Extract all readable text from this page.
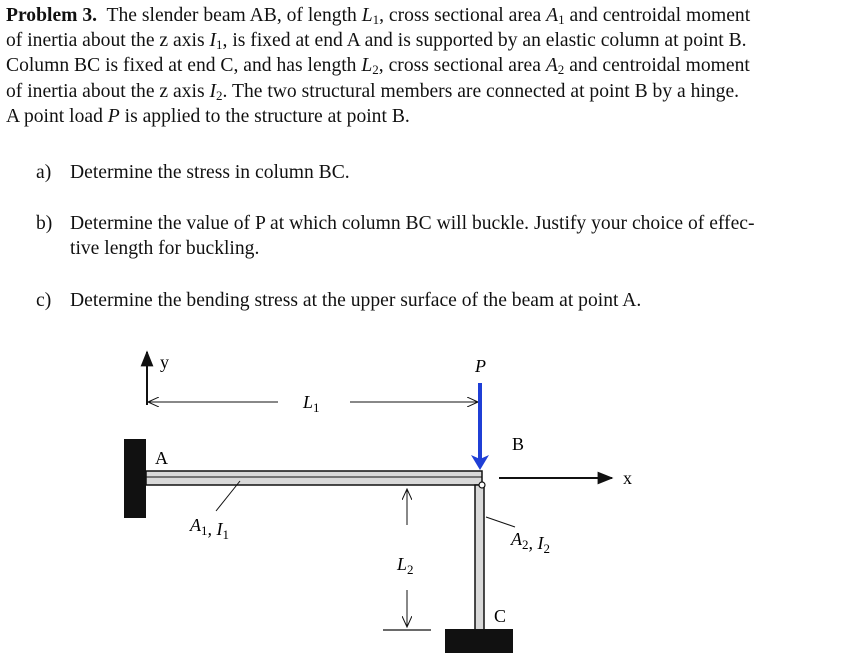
Problem 3. The slender beam AB, of length $L_1$, cross sectional area $A_1$ and centroidal moment
of inertia about the z axis $I_1$, is fixed at end A and is supported by an elastic column at point B.
Column BC is fixed at end C, and has length $L_2$, cross sectional area $A_2$ and centroidal moment
of inertia about the z axis $I_2$. The two structural members are connected at point B by a hinge.
A point load P is applied to the structure at point B.
a) Determine the stress in column BC.
b) Determine the value of P at which column BC will buckle. Justify your choice of effec-
tive length for buckling.
c) Determine the bending stress at the upper surface of the beam at point A.
y
$L_1$
A
C
P
B
x
$A_1$, $I_1$	$A_2$, $I_2$
$L_2$
